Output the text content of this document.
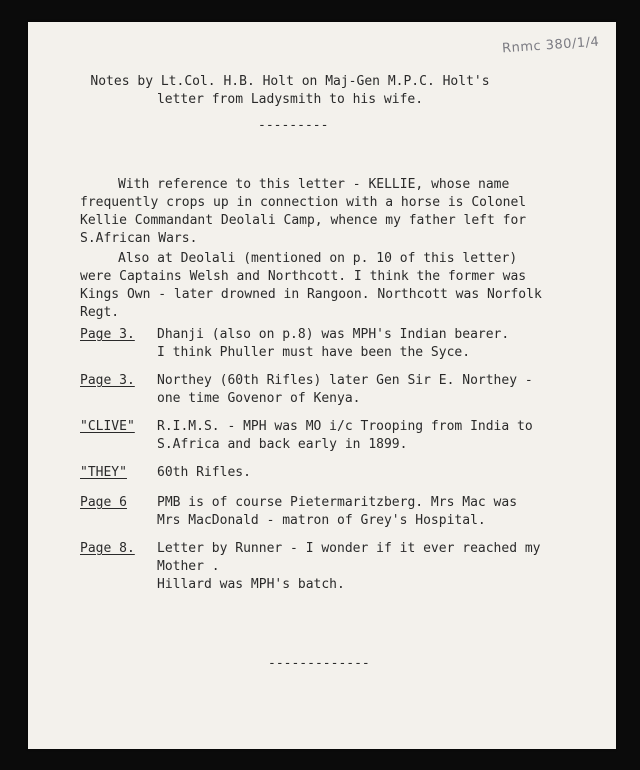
Rnmc 380/1/4
Notes by Lt.Col. H.B. Holt on Maj-Gen M.P.C. Holt's
letter from Ladysmith to his wife.
---------
With reference to this letter - KELLIE, whose name
frequently crops up in connection with a horse is Colonel
Kellie Commandant Deolali Camp, whence my father left for
S.African Wars.
Also at Deolali (mentioned on p. 10 of this letter)
were Captains Welsh and Northcott. I think the former was
Kings Own - later drowned in Rangoon. Northcott was Norfolk
Regt.
Page 3. Dhanji (also on p.8) was MPH's Indian bearer.
I think Phuller must have been the Syce.
Page 3. Northey (60th Rifles) later Gen Sir E. Northey -
one time Govenor of Kenya.
"CLIVE" R.I.M.S. - MPH was MO i/c Trooping from India to
S.Africa and back early in 1899.
"THEY" 60th Rifles.
Page 6 PMB is of course Pietermaritzberg. Mrs Mac was
Mrs MacDonald - matron of Grey's Hospital.
Page 8. Letter by Runner - I wonder if it ever reached my
Mother .
Hillard was MPH's batch.
-------------
